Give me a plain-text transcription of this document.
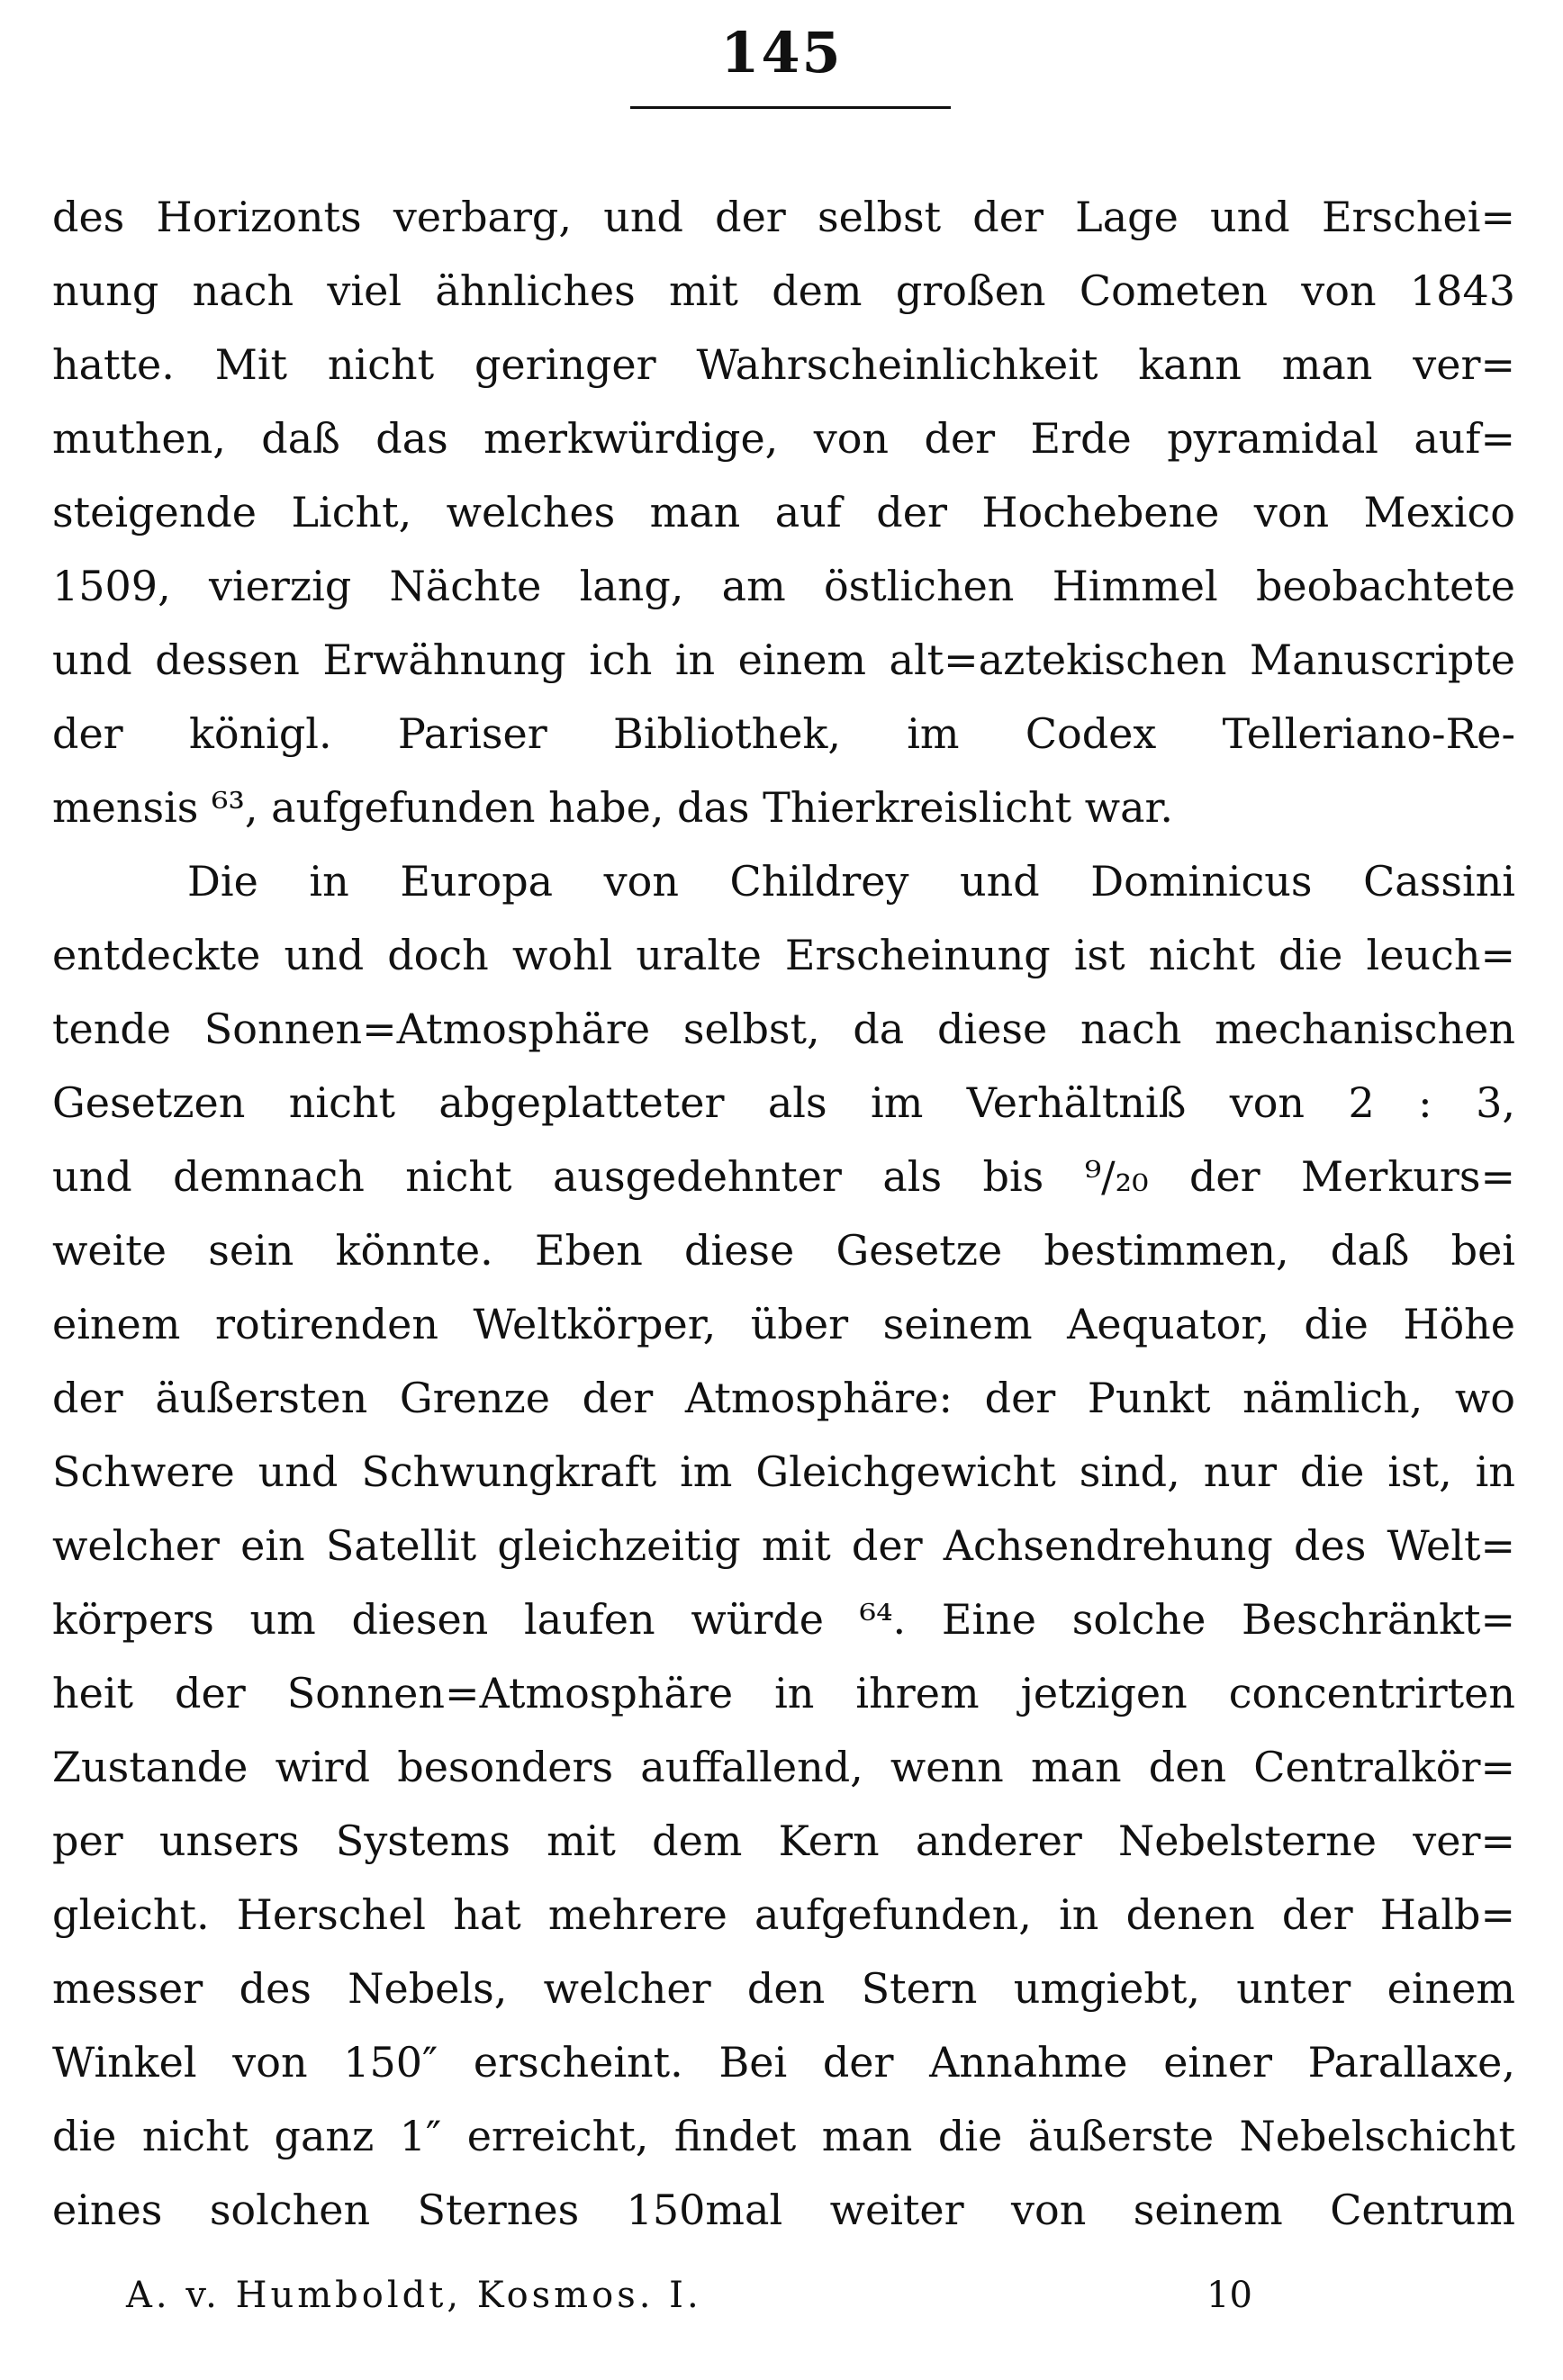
145
des Horizonts verbarg, und der selbst der Lage und Erschei=
nung nach viel ähnliches mit dem großen Cometen von 1843
hatte. Mit nicht geringer Wahrscheinlichkeit kann man ver=
muthen, daß das merkwürdige, von der Erde pyramidal auf=
steigende Licht, welches man auf der Hochebene von Mexico
1509, vierzig Nächte lang, am östlichen Himmel beobachtete
und dessen Erwähnung ich in einem alt=aztekischen Manuscripte
der königl. Pariser Bibliothek, im Codex Telleriano-Re-
mensis ⁶³, aufgefunden habe, das Thierkreislicht war.
Die in Europa von Childrey und Dominicus Cassini
entdeckte und doch wohl uralte Erscheinung ist nicht die leuch=
tende Sonnen=Atmosphäre selbst, da diese nach mechanischen
Gesetzen nicht abgeplatteter als im Verhältniß von 2 : 3,
und demnach nicht ausgedehnter als bis ⁹/₂₀ der Merkurs=
weite sein könnte. Eben diese Gesetze bestimmen, daß bei
einem rotirenden Weltkörper, über seinem Aequator, die Höhe
der äußersten Grenze der Atmosphäre: der Punkt nämlich, wo
Schwere und Schwungkraft im Gleichgewicht sind, nur die ist, in
welcher ein Satellit gleichzeitig mit der Achsendrehung des Welt=
körpers um diesen laufen würde ⁶⁴. Eine solche Beschränkt=
heit der Sonnen=Atmosphäre in ihrem jetzigen concentrirten
Zustande wird besonders auffallend, wenn man den Centralkör=
per unsers Systems mit dem Kern anderer Nebelsterne ver=
gleicht. Herschel hat mehrere aufgefunden, in denen der Halb=
messer des Nebels, welcher den Stern umgiebt, unter einem
Winkel von 150″ erscheint. Bei der Annahme einer Parallaxe,
die nicht ganz 1″ erreicht, findet man die äußerste Nebelschicht
eines solchen Sternes 150mal weiter von seinem Centrum
A. v. Humboldt, Kosmos. I.	10
